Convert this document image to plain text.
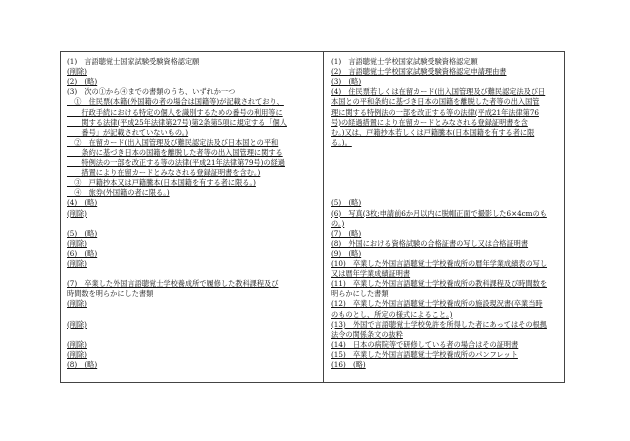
(1)　言語聴覚士国家試験受験資格認定願
(削除)
(2)　(略)
(3)　次の①から④までの書類のうち、いずれか一つ
　①　住民票(本籍(外国籍の者の場合は国籍等)が記載されており、
　　行政手続における特定の個人を識別するための番号の利用等に
　　関する法律(平成25年法律第27号)第2条第5項に規定する「個人
　　番号」が記載されていないもの。)
　②　在留カード(出入国管理及び難民認定法及び日本国との平和
　　条約に基づき日本の国籍を離脱した者等の出入国管理に関する
　　特例法の一部を改正する等の法律(平成21年法律第79号)の経過
　　措置により在留カードとみなされる登録証明書を含む。)
　③　戸籍抄本又は戸籍騰本(日本国籍を有する者に限る。)
　④　旅券(外国籍の者に限る。)
(4)　(略)
(削除)
(5)　(略)
(削除)
(6)　(略)
(削除)
(7)　卒業した外国言語聴覚士学校養成所で履修した教科課程及び
時間数を明らかにした書類
(削除)
(削除)
(削除)
(削除)
(8)　(略)
(1)　言語聴覚士学校国家試験受験資格認定願
(2)　言語聴覚士学校国家試験受験資格認定申請理由書
(3)　(略)
(4)　住民票若しくは在留カード(出入国管理及び難民認定法及び日
本国との平和条約に基づき日本の国籍を離脱した者等の出入国管
理に関する特例法の一部を改正する等の法律(平成21年法律第76
号)の経過措置により在留カードとみなされる登録証明書を含
む。)又は、戸籍抄本若しくは戸籍騰本(日本国籍を有する者に限
る。)。
(5)　(略)
(6)　写真(3枚;申請前6か月以内に脱帽正面で撮影した6×4cmのも
の。)
(7)　(略)
(8)　外国における資格試験の合格証書の写し又は合格証明書
(9)　(略)
(10)　卒業した外国言語聴覚士学校養成所の暦年学業成績表の写し
又は暦年学業成績証明書
(11)　卒業した外国言語聴覚士学校養成所の教科課程及び時間数を
明らかにした書類
(12)　卒業した外国言語聴覚士学校養成所の施設現況書(卒業当時
のものとし、所定の様式によること。)
(13)　外国で言語聴覚士学校免許を所得した者にあってはその根拠
法令の関係条文の抜粋
(14)　日本の病院等で研修している者の場合はその証明書
(15)　卒業した外国言語聴覚士学校養成所のパンフレット
(16)　(略)
